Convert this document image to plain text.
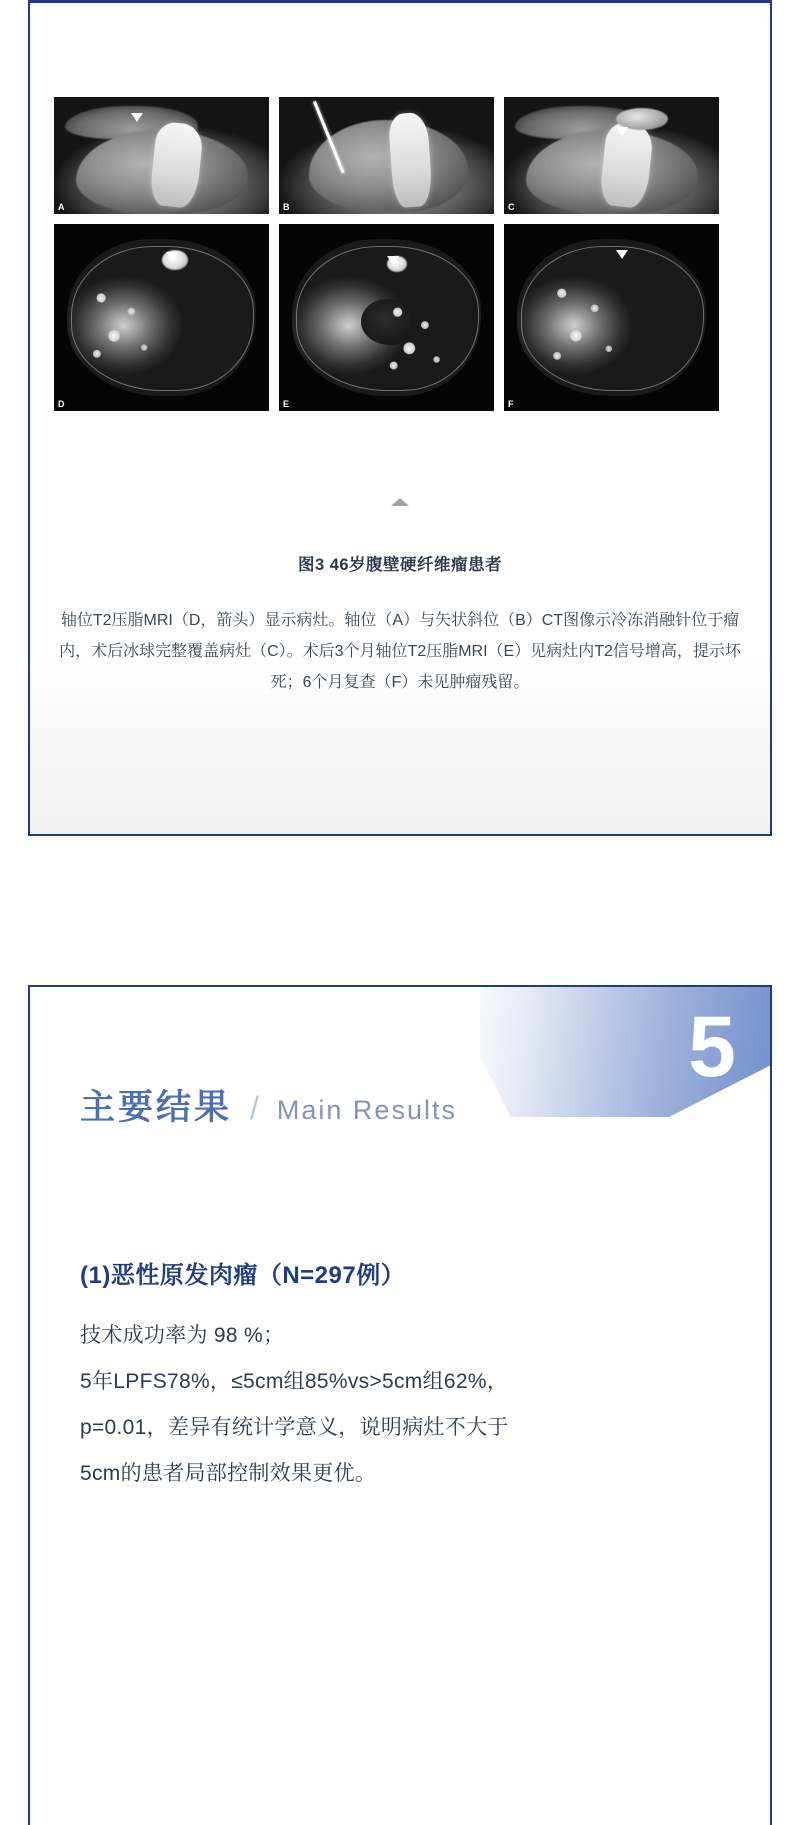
A	B	C
D	E	F
图3 46岁腹壁硬纤维瘤患者
轴位T2压脂MRI（D，箭头）显示病灶。轴位（A）与矢状斜位（B）CT图像示冷冻消融针位于瘤内，术后冰球完整覆盖病灶（C）。术后3个月轴位T2压脂MRI（E）见病灶内T2信号增高，提示坏死；6个月复查（F）未见肿瘤残留。
5
主要结果 / Main Results
(1)恶性原发肉瘤（N=297例）

技术成功率为 98 %；

5年LPFS78%，≤5cm组85%vs>5cm组62%，

p=0.01，差异有统计学意义，说明病灶不大于

5cm的患者局部控制效果更优。
